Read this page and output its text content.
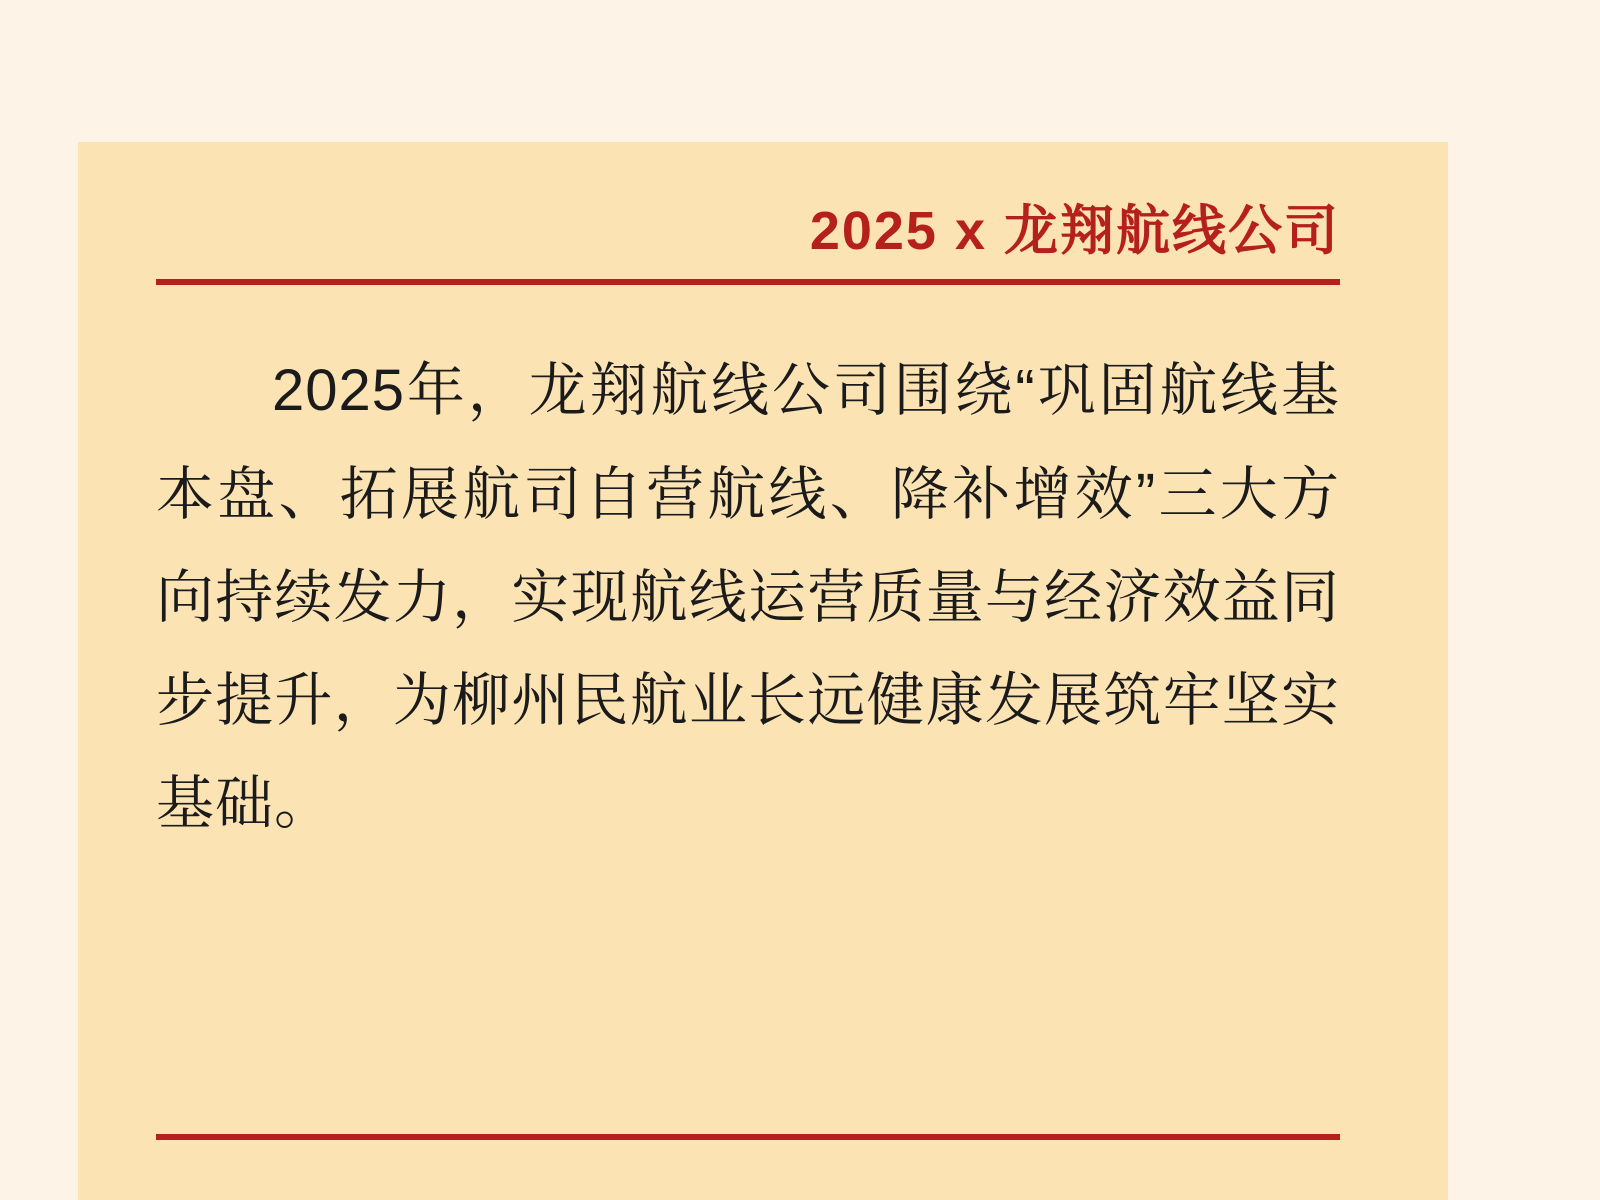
2025 x 龙翔航线公司
2025年，龙翔航线公司围绕“巩固航线基本盘、拓展航司自营航线、降补增效”三大方向持续发力，实现航线运营质量与经济效益同步提升，为柳州民航业长远健康发展筑牢坚实基础。
